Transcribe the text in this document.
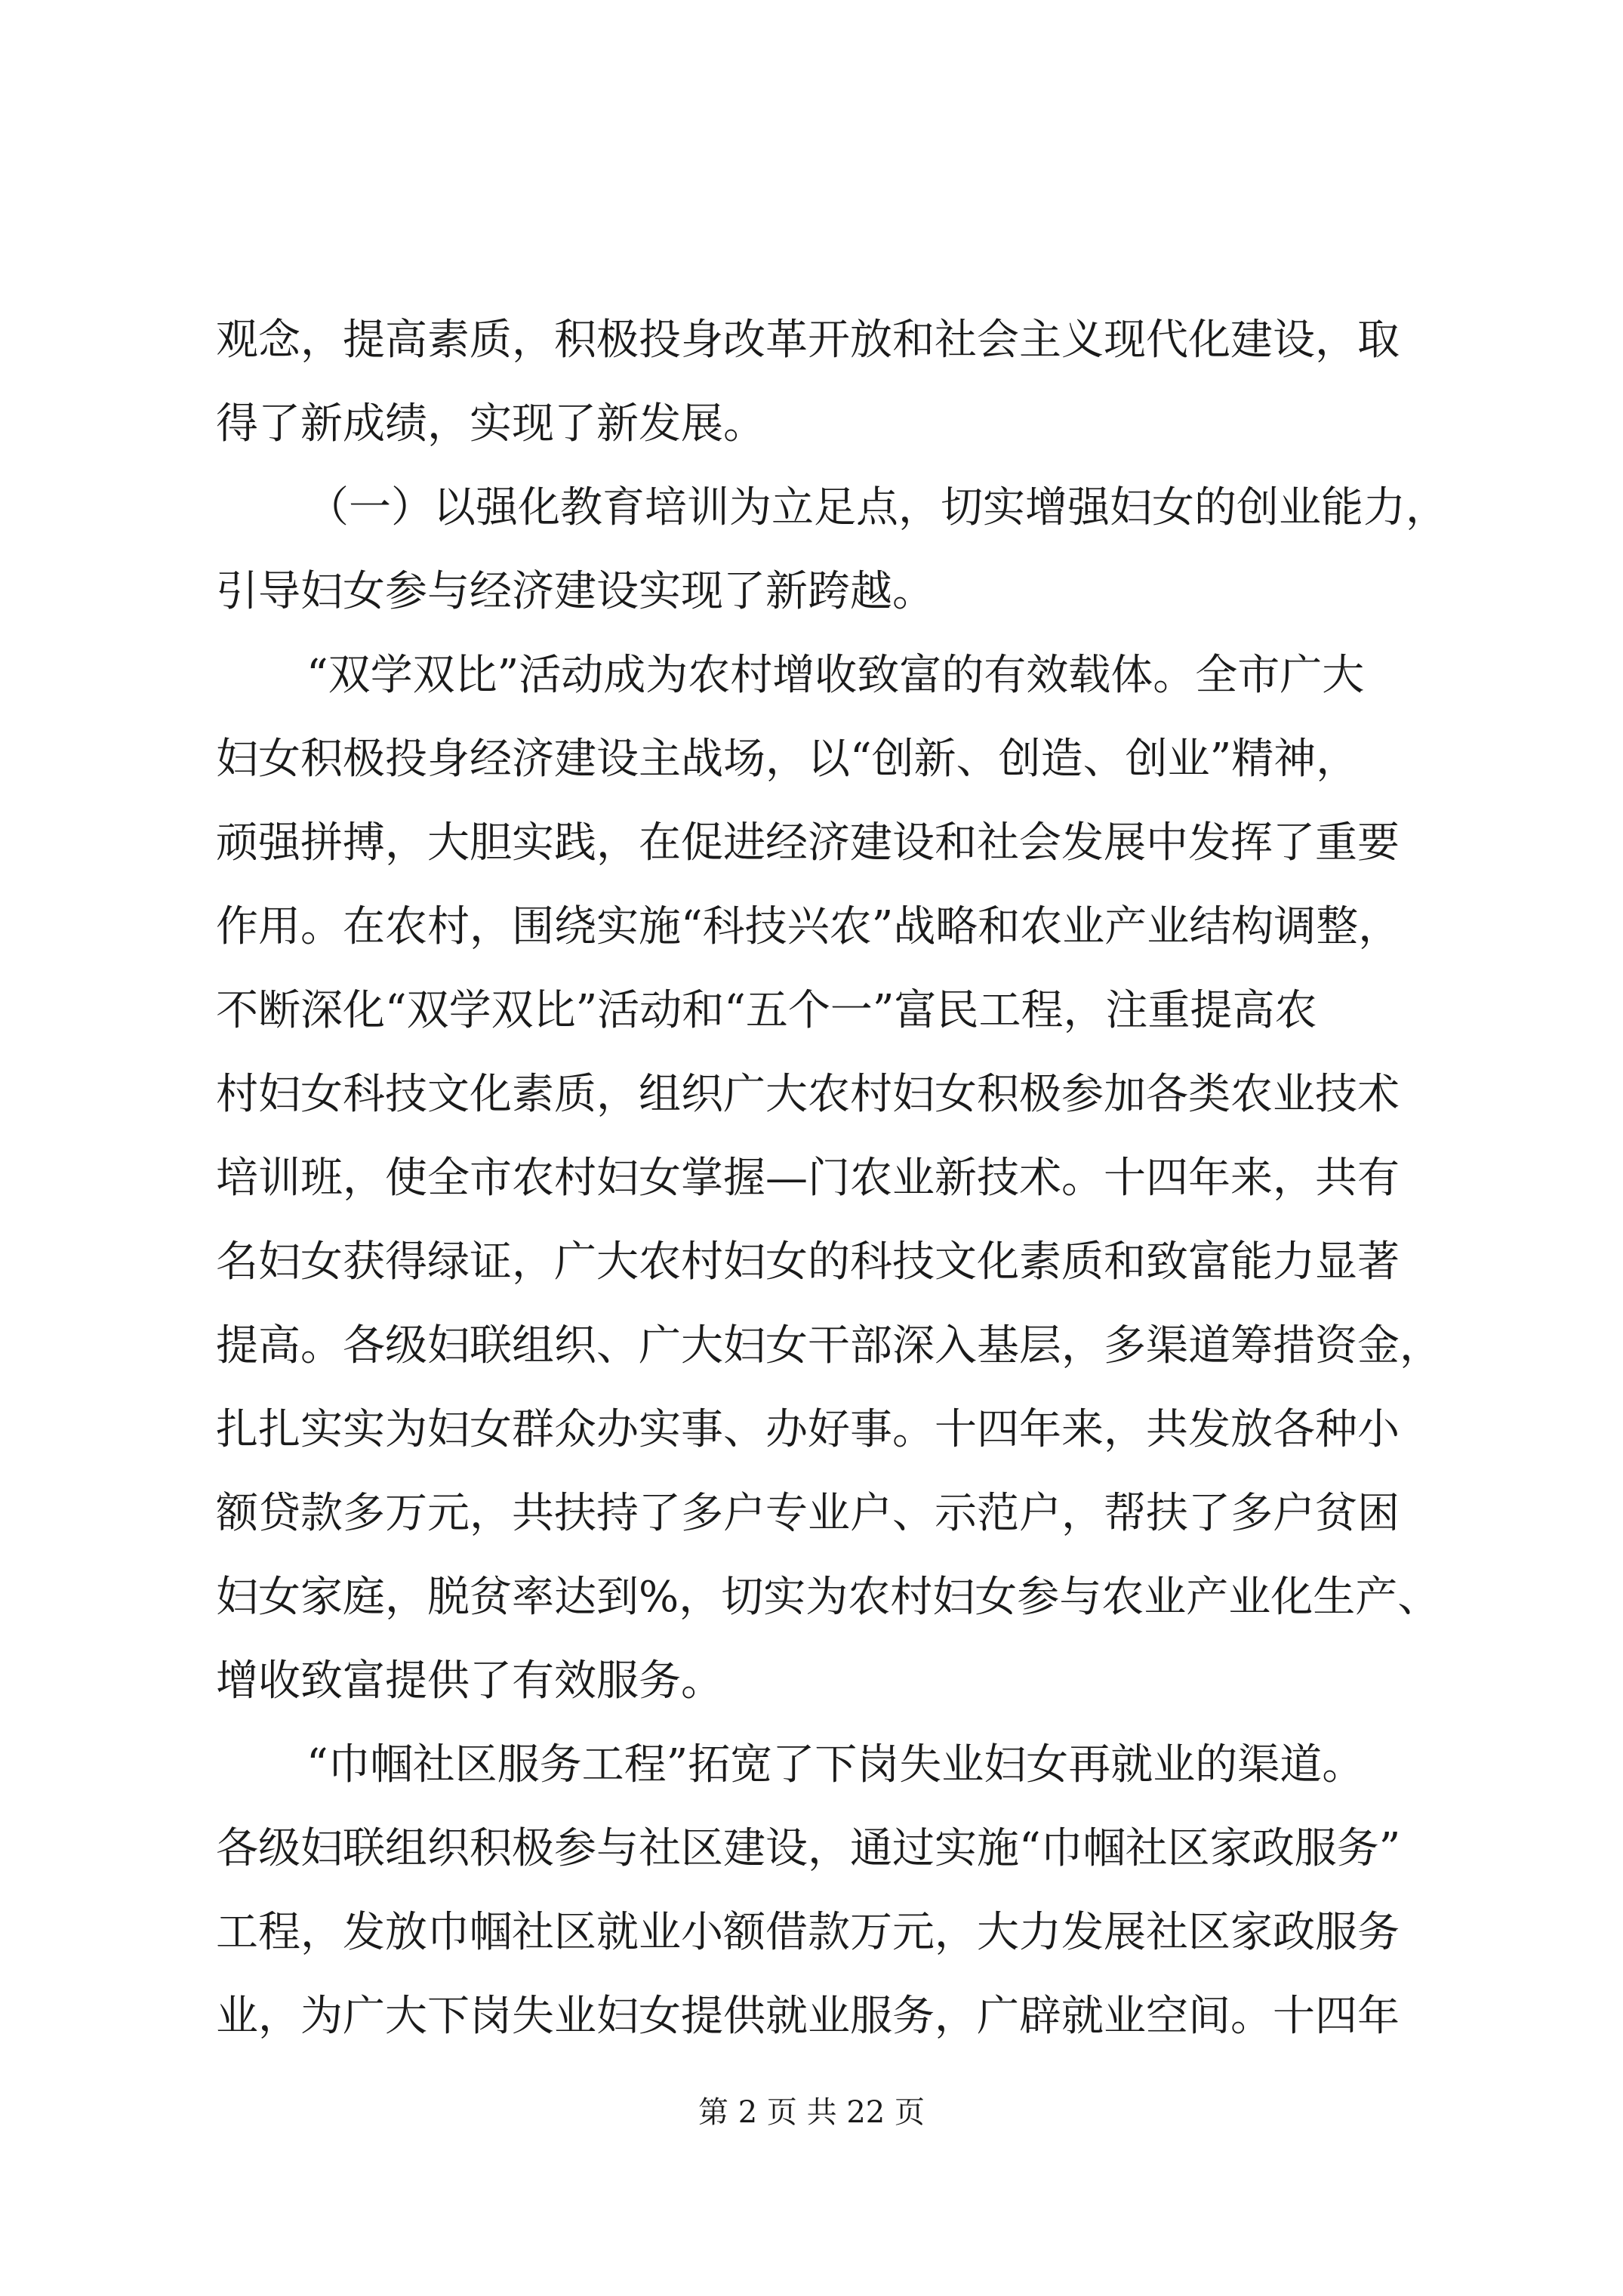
观念，提高素质，积极投身改革开放和社会主义现代化建设，取
得了新成绩，实现了新发展。
（一）以强化教育培训为立足点，切实增强妇女的创业能力，
引导妇女参与经济建设实现了新跨越。
“双学双比”活动成为农村增收致富的有效载体。全市广大
妇女积极投身经济建设主战场，以“创新、创造、创业”精神，
顽强拼搏，大胆实践，在促进经济建设和社会发展中发挥了重要
作用。在农村，围绕实施“科技兴农”战略和农业产业结构调整，
不断深化“双学双比”活动和“五个一”富民工程，注重提高农
村妇女科技文化素质，组织广大农村妇女积极参加各类农业技术
培训班，使全市农村妇女掌握—门农业新技术。十四年来，共有
名妇女获得绿证，广大农村妇女的科技文化素质和致富能力显著
提高。各级妇联组织、广大妇女干部深入基层，多渠道筹措资金，
扎扎实实为妇女群众办实事、办好事。十四年来，共发放各种小
额贷款多万元，共扶持了多户专业户、示范户，帮扶了多户贫困
妇女家庭，脱贫率达到%，切实为农村妇女参与农业产业化生产、
增收致富提供了有效服务。
“巾帼社区服务工程”拓宽了下岗失业妇女再就业的渠道。
各级妇联组织积极参与社区建设，通过实施“巾帼社区家政服务”
工程，发放巾帼社区就业小额借款万元，大力发展社区家政服务
业，为广大下岗失业妇女提供就业服务，广辟就业空间。十四年
第 2 页 共 22 页
